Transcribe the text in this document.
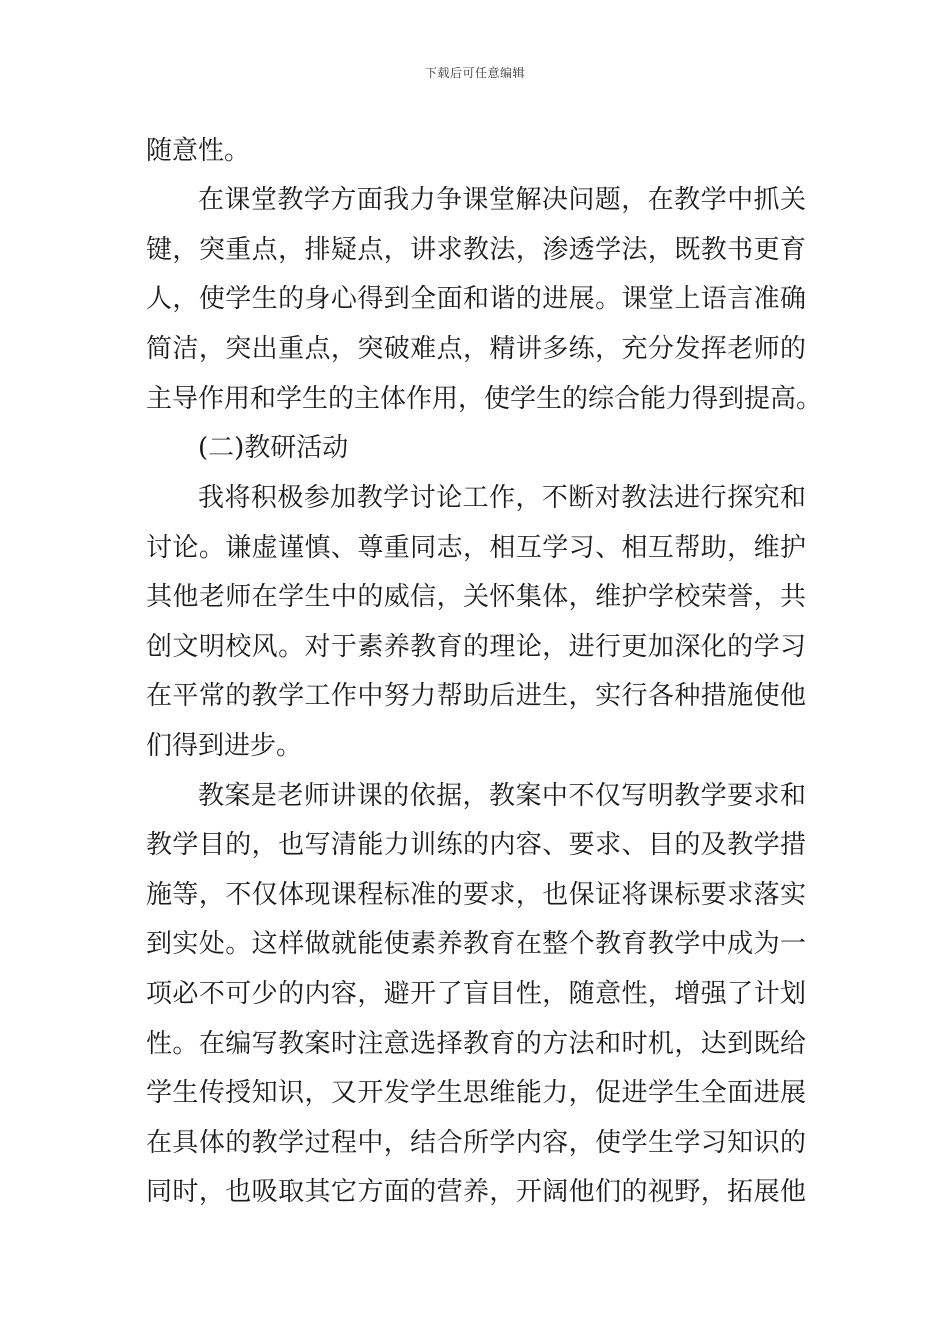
下载后可任意编辑
随意性。
在课堂教学方面我力争课堂解决问题，在教学中抓关
键，突重点，排疑点，讲求教法，渗透学法，既教书更育
人，使学生的身心得到全面和谐的进展。课堂上语言准确
简洁，突出重点，突破难点，精讲多练，充分发挥老师的
主导作用和学生的主体作用，使学生的综合能力得到提高。
(二)教研活动
我将积极参加教学讨论工作，不断对教法进行探究和
讨论。谦虚谨慎、尊重同志，相互学习、相互帮助，维护
其他老师在学生中的威信，关怀集体，维护学校荣誉，共
创文明校风。对于素养教育的理论，进行更加深化的学习
在平常的教学工作中努力帮助后进生，实行各种措施使他
们得到进步。
教案是老师讲课的依据，教案中不仅写明教学要求和
教学目的，也写清能力训练的内容、要求、目的及教学措
施等，不仅体现课程标准的要求，也保证将课标要求落实
到实处。这样做就能使素养教育在整个教育教学中成为一
项必不可少的内容，避开了盲目性，随意性，增强了计划
性。在编写教案时注意选择教育的方法和时机，达到既给
学生传授知识，又开发学生思维能力，促进学生全面进展
在具体的教学过程中，结合所学内容，使学生学习知识的
同时，也吸取其它方面的营养，开阔他们的视野，拓展他
